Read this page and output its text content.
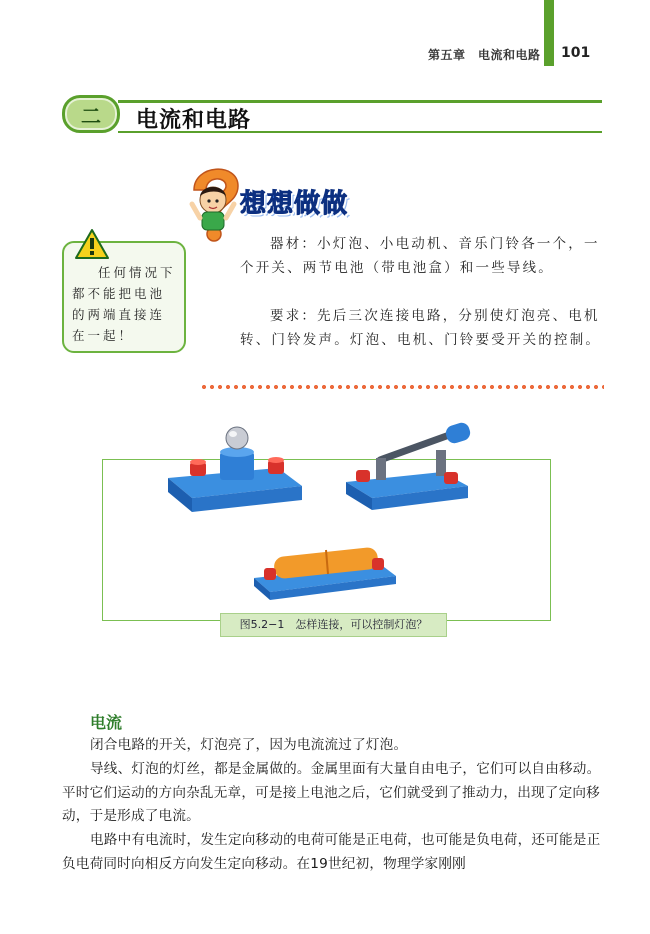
第五章　电流和电路 101
二	电流和电路
想想做做
任何情况下都不能把电池的两端直接连在一起！
器材：小灯泡、小电动机、音乐门铃各一个，一个开关、两节电池（带电池盒）和一些导线。
要求：先后三次连接电路，分别使灯泡亮、电机转、门铃发声。灯泡、电机、门铃要受开关的控制。
图5.2−1　怎样连接，可以控制灯泡？
电流
闭合电路的开关，灯泡亮了，因为电流流过了灯泡。
导线、灯泡的灯丝，都是金属做的。金属里面有大量自由电子，它们可以自由移动。平时它们运动的方向杂乱无章，可是接上电池之后，它们就受到了推动力，出现了定向移动，于是形成了电流。
电路中有电流时，发生定向移动的电荷可能是正电荷，也可能是负电荷，还可能是正负电荷同时向相反方向发生定向移动。在19世纪初，物理学家刚刚
